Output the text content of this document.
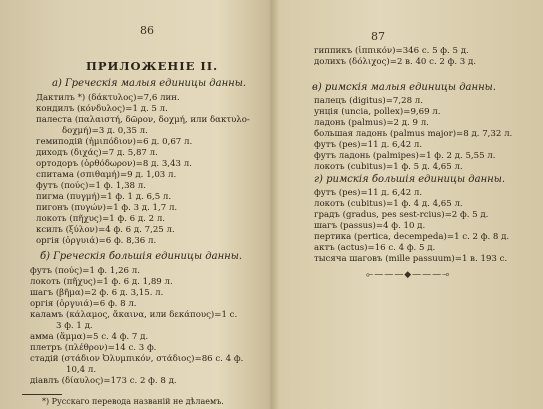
86
ПРИЛОЖЕНІЕ II.
а) Греческія малыя единицы данны.
Дактилъ *) (δάκτυλος)=7,6 лин.
кондилъ (κόνδυλος)=1 д. 5 л.
палеста (παλαιστή, δῶρον, δοχμή, или δακτυλο-
δοχμή)=3 д. 0,35 л.
гемиподій (ἡμιπόδιον)=6 д. 0,67 л.
диходъ (διχάς)=7 д. 5,87 л.
ортодоръ (ὀρθόδωρον)=8 д. 3,43 л.
спитама (σπιθαμή)=9 д. 1,03 л.
футъ (πούς)=1 ф. 1,38 л.
пигма (πυγμή)=1 ф. 1 д. 6,5 л.
пигонъ (πυγών)=1 ф. 3 д. 1,7 л.
локоть (πῆχυς)=1 ф. 6 д. 2 л.
ксилъ (ξύλον)=4 ф. 6 д. 7,25 л.
оргія (ὀργυιά)=6 ф. 8,36 л.
б) Греческія большія единицы данны.
футъ (πούς)=1 ф. 1,26 л.
локоть (πῆχυς)=1 ф. 6 д. 1,89 л.
шагъ (βῆμα)=2 ф. 6 д. 3,15. л.
оргія (ὀργυιά)=6 ф. 8 л.
каламъ (κάλαμος, ἄκαινα, или δεκάπους)=1 с.
3 ф. 1 д.
амма (ἅμμα)=5 с. 4 ф. 7 д.
плетръ (πλέθρον)=14 с. 3 ф.
стадій (στάδιον Ὀλυμπικόν, στάδιος)=86 с. 4 ф.
10,4 л.
діавлъ (δίαυλος)=173 с. 2 ф. 8 д.
*) Русскаго перевода названій не дѣлаемъ.
87
гиппикъ (ἱππικόν)=346 с. 5 ф. 5 д.
долихъ (δόλιχος)=2 в. 40 с. 2 ф. 3 д.
в) римскія малыя единицы данны.
палецъ (digitus)=7,28 л.
унція (uncia, pollex)=9,69 л.
ладонь (palmus)=2 д. 9 л.
большая ладонь (palmus major)=8 д. 7,32 л.
футъ (pes)=11 д. 6,42 л.
футъ ладонь (palmipes)=1 ф. 2 д. 5,55 л.
локоть (cubitus)=1 ф. 5 д. 4,65 л.
г) римскія большія единицы данны.
футъ (pes)=11 д. 6,42 л.
локоть (cubitus)=1 ф. 4 д. 4,65 л.
градъ (gradus, pes sest-rcius)=2 ф. 5 д.
шагъ (passus)=4 ф. 10 д.
пертика (pertica, decempeda)=1 с. 2 ф. 8 д.
актъ (actus)=16 с. 4 ф. 5 д.
тысяча шаговъ (mille passuum)=1 в. 193 с.
⟜———◆———⊸
